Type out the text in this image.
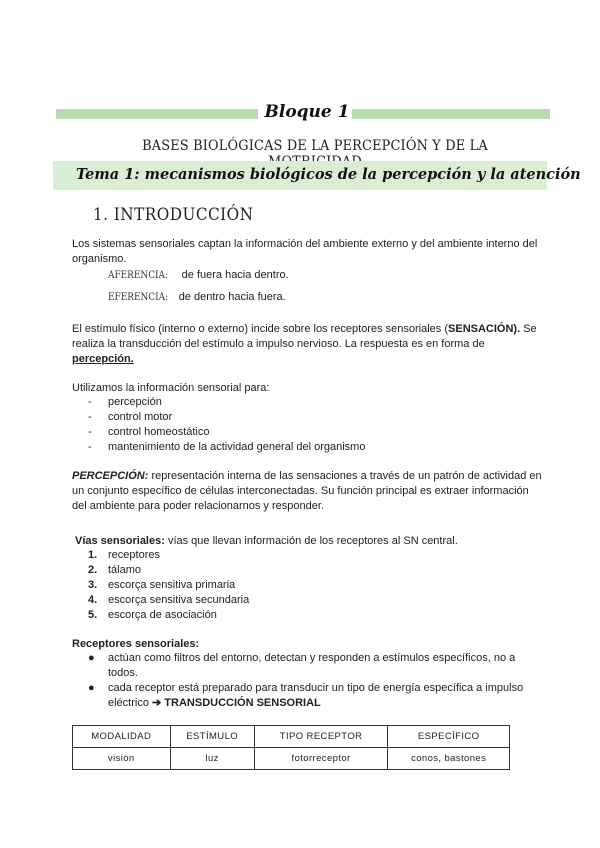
Bloque 1
BASES BIOLÓGICAS DE LA PERCEPCIÓN Y DE LA
Tema 1: mecanismos biológicos de la percepción y la atención
1. INTRODUCCIÓN

Los sistemas sensoriales captan la información del ambiente externo y del ambiente interno del organismo.

AFERENCIA: de fuera hacia dentro.

EFERENCIA: de dentro hacia fuera.

El estímulo físico (interno o externo) incide sobre los receptores sensoriales (SENSACIÓN). Se realiza la transducción del estímulo a impulso nervioso. La respuesta es en forma de percepción.

Utilizamos la información sensorial para:

- percepción
- control motor
- control homeostático
- mantenimiento de la actividad general del organismo

PERCEPCIÓN: representación interna de las sensaciones a través de un patrón de actividad en un conjunto específico de células interconectadas. Su función principal es extraer información del ambiente para poder relacionarnos y responder.

Vías sensoriales: vías que llevan información de los receptores al SN central.

1. receptores
2. tálamo
3. escorça sensitiva primaria
4. escorça sensitiva secundaria
5. escorça de asociación

Receptores sensoriales:

● actúan como filtros del entorno, detectan y responden a estímulos específicos, no a todos.
● cada receptor está preparado para transducir un tipo de energía específica a impulso eléctrico ➔ TRANSDUCCIÓN SENSORIAL
MODALIDAD	ESTÍMULO	TIPO RECEPTOR	ESPECÍFICO
visión	luz	fotorreceptor	conos, bastones
